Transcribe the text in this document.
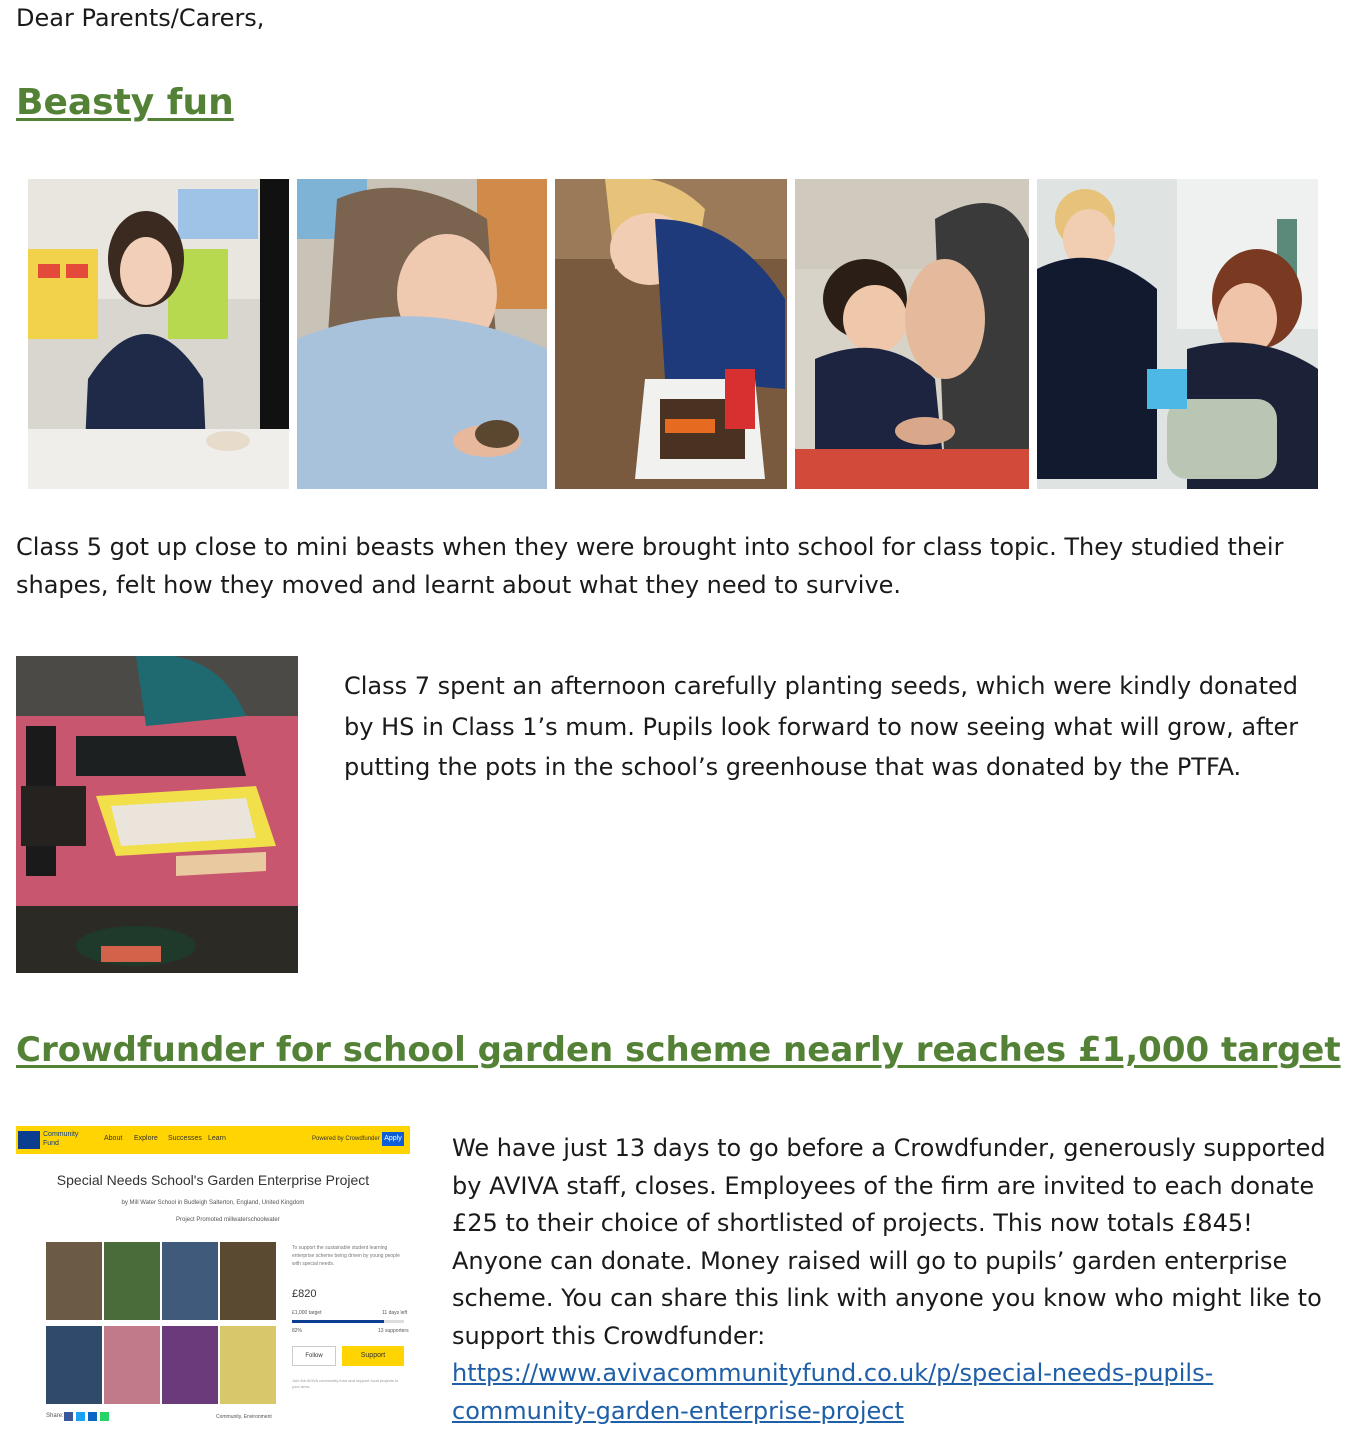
Dear Parents/Carers,
Beasty fun
Class 5 got up close to mini beasts when they were brought into school for class topic. They studied their shapes, felt how they moved and learnt about what they need to survive.
Class 7 spent an afternoon carefully planting seeds, which were kindly donated by HS in Class 1’s mum. Pupils look forward to now seeing what will grow, after putting the pots in the school’s greenhouse that was donated by the PTFA.
Crowdfunder for school garden scheme nearly reaches £1,000 target
Community
Fund
About Explore Successes Learn	Powered by Crowdfunder Apply
Special Needs School's Garden Enterprise Project
by Mill Water School in Budleigh Salterton, England, United Kingdom
Project Promoted millwaterschoolwater
To support the sustainable student learning enterprise scheme being driven by young people with special needs.
£820
£1,000 target	11 days left
82%	13 supporters
Follow	Support
Join the AVIVA community fund and support local projects in your area.
Share:	Community, Environment
We have just 13 days to go before a Crowdfunder, generously supported by AVIVA staff, closes. Employees of the firm are invited to each donate £25 to their choice of shortlisted of projects. This now totals £845! Anyone can donate. Money raised will go to pupils’ garden enterprise scheme. You can share this link with anyone you know who might like to support this Crowdfunder:
https://www.avivacommunityfund.co.uk/p/special-needs-pupils-community-garden-enterprise-project
